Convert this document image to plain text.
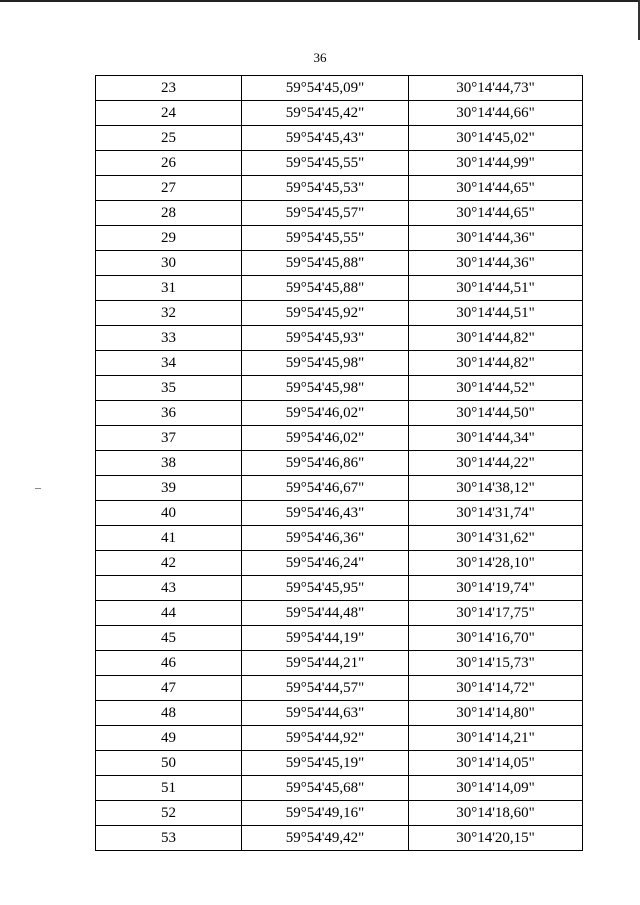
36
23	59°54'45,09"	30°14'44,73"
24	59°54'45,42"	30°14'44,66"
25	59°54'45,43"	30°14'45,02"
26	59°54'45,55"	30°14'44,99"
27	59°54'45,53"	30°14'44,65"
28	59°54'45,57"	30°14'44,65"
29	59°54'45,55"	30°14'44,36"
30	59°54'45,88"	30°14'44,36"
31	59°54'45,88"	30°14'44,51"
32	59°54'45,92"	30°14'44,51"
33	59°54'45,93"	30°14'44,82"
34	59°54'45,98"	30°14'44,82"
35	59°54'45,98"	30°14'44,52"
36	59°54'46,02"	30°14'44,50"
37	59°54'46,02"	30°14'44,34"
38	59°54'46,86"	30°14'44,22"
39	59°54'46,67"	30°14'38,12"
40	59°54'46,43"	30°14'31,74"
41	59°54'46,36"	30°14'31,62"
42	59°54'46,24"	30°14'28,10"
43	59°54'45,95"	30°14'19,74"
44	59°54'44,48"	30°14'17,75"
45	59°54'44,19"	30°14'16,70"
46	59°54'44,21"	30°14'15,73"
47	59°54'44,57"	30°14'14,72"
48	59°54'44,63"	30°14'14,80"
49	59°54'44,92"	30°14'14,21"
50	59°54'45,19"	30°14'14,05"
51	59°54'45,68"	30°14'14,09"
52	59°54'49,16"	30°14'18,60"
53	59°54'49,42"	30°14'20,15"
